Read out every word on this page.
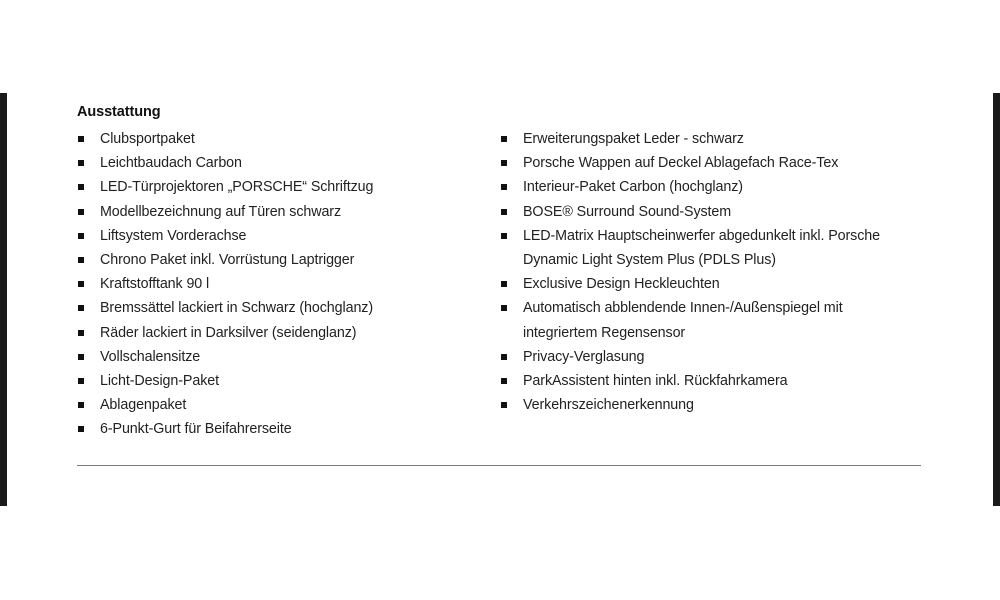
Ausstattung
Clubsportpaket
Leichtbaudach Carbon
LED-Türprojektoren „PORSCHE“ Schriftzug
Modellbezeichnung auf Türen schwarz
Liftsystem Vorderachse
Chrono Paket inkl. Vorrüstung Laptrigger
Kraftstofftank 90 l
Bremssättel lackiert in Schwarz (hochglanz)
Räder lackiert in Darksilver (seidenglanz)
Vollschalensitze
Licht-Design-Paket
Ablagenpaket
6-Punkt-Gurt für Beifahrerseite
Erweiterungspaket Leder - schwarz
Porsche Wappen auf Deckel Ablagefach Race-Tex
Interieur-Paket Carbon (hochglanz)
BOSE® Surround Sound-System
LED-Matrix Hauptscheinwerfer abgedunkelt inkl. Porsche Dynamic Light System Plus (PDLS Plus)
Exclusive Design Heckleuchten
Automatisch abblendende Innen-/Außenspiegel mit integriertem Regensensor
Privacy-Verglasung
ParkAssistent hinten inkl. Rückfahrkamera
Verkehrszeichenerkennung
